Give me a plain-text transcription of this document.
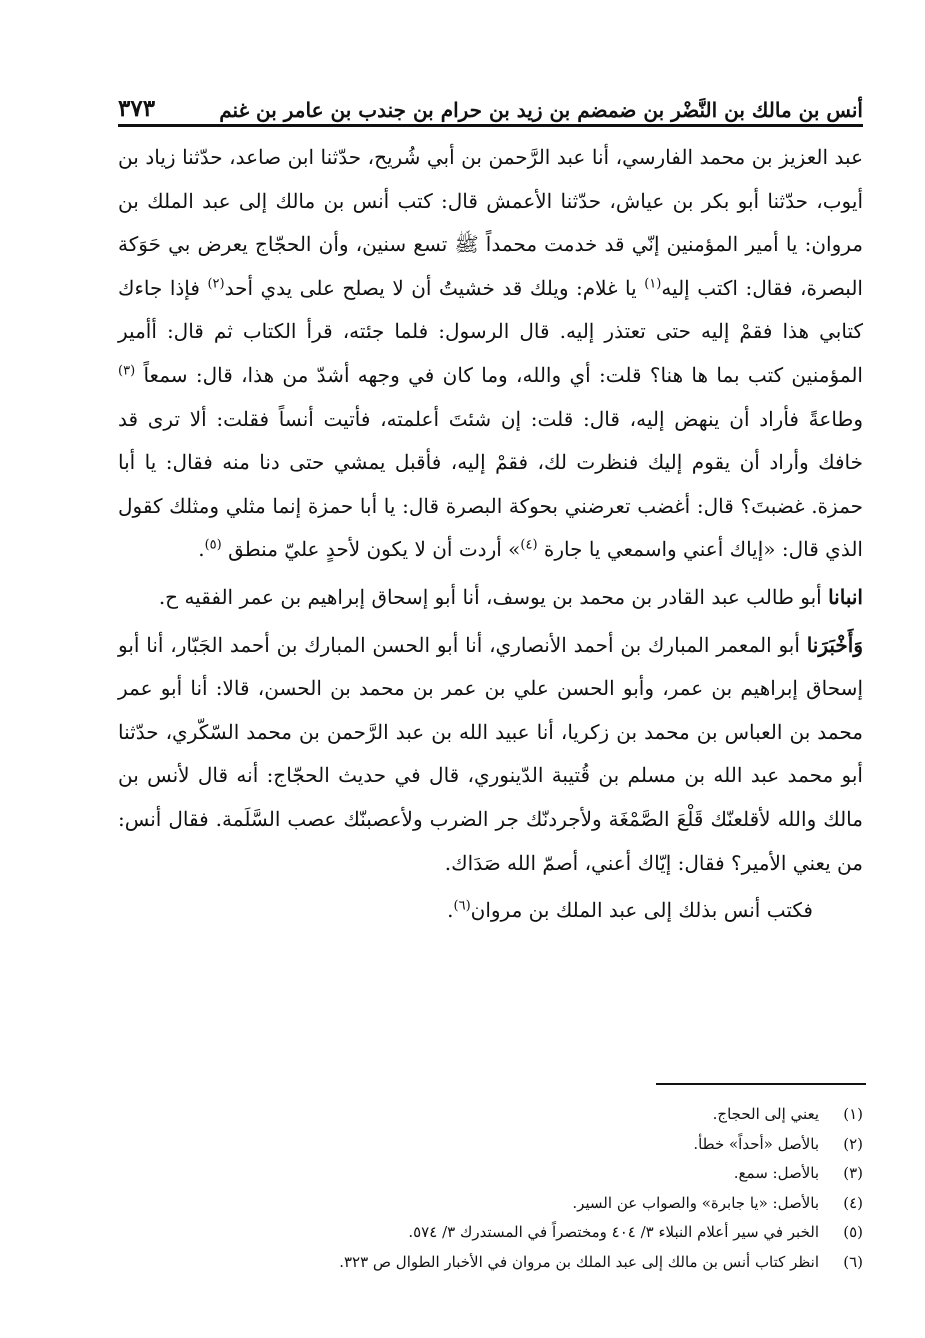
أنس بن مالك بن النَّضْر بن ضمضم بن زيد بن حرام بن جندب بن عامر بن غنم
٣٧٣

عبد العزيز بن محمد الفارسي، أنا عبد الرَّحمن بن أبي شُريح، حدّثنا ابن صاعد، حدّثنا زياد بن أيوب، حدّثنا أبو بكر بن عياش، حدّثنا الأعمش قال: كتب أنس بن مالك إلى عبد الملك بن مروان: يا أمير المؤمنين إنّي قد خدمت محمداً ﷺ تسع سنين، وأن الحجّاج يعرض بي حَوَكة البصرة، فقال: اكتب إليه$^{(١)}$ يا غلام: ويلك قد خشيتُ أن لا يصلح على يدي أحد$^{(٢)}$ فإذا جاءك كتابي هذا فقمْ إليه حتى تعتذر إليه. قال الرسول: فلما جئته، قرأ الكتاب ثم قال: أأمير المؤمنين كتب بما ها هنا؟ قلت: أي والله، وما كان في وجهه أشدّ من هذا، قال: سمعاً $^{(٣)}$ وطاعةً فأراد أن ينهض إليه، قال: قلت: إن شئتَ أعلمته، فأتيت أنساً فقلت: ألا ترى قد خافك وأراد أن يقوم إليك فنظرت لك، فقمْ إليه، فأقبل يمشي حتى دنا منه فقال: يا أبا حمزة. غضبتَ؟ قال: أغضب تعرضني بحوكة البصرة قال: يا أبا حمزة إنما مثلي ومثلك كقول الذي قال: «إياك أعني واسمعي يا جارة $^{(٤)}$» أردت أن لا يكون لأحدٍ عليّ منطق $^{(٥)}$.

انبانا أبو طالب عبد القادر بن محمد بن يوسف، أنا أبو إسحاق إبراهيم بن عمر الفقيه ح.

وَأَخْبَرَنا أبو المعمر المبارك بن أحمد الأنصاري، أنا أبو الحسن المبارك بن أحمد الجَبّار، أنا أبو إسحاق إبراهيم بن عمر، وأبو الحسن علي بن عمر بن محمد بن الحسن، قالا: أنا أبو عمر محمد بن العباس بن محمد بن زكريا، أنا عبيد الله بن عبد الرَّحمن بن محمد السّكّري، حدّثنا أبو محمد عبد الله بن مسلم بن قُتيبة الدّينوري، قال في حديث الحجّاج: أنه قال لأنس بن مالك والله لأقلعنّك قَلْعَ الصَّمْغَة ولأجردنّك جر الضرب ولأعصبنّك عصب السَّلَمة. فقال أنس: من يعني الأمير؟ فقال: إيّاك أعني، أصمّ الله صَدَاك.

فكتب أنس بذلك إلى عبد الملك بن مروان$^{(٦)}$.

(١)
يعني إلى الحجاج.
(٢)
بالأصل «أحداً» خطأ.
(٣)
بالأصل: سمع.
(٤)
بالأصل: «يا جابرة» والصواب عن السير.
(٥)
الخبر في سير أعلام النبلاء ٣/ ٤٠٤ ومختصراً في المستدرك ٣/ ٥٧٤.
(٦)
انظر كتاب أنس بن مالك إلى عبد الملك بن مروان في الأخبار الطوال ص ٣٢٣.
